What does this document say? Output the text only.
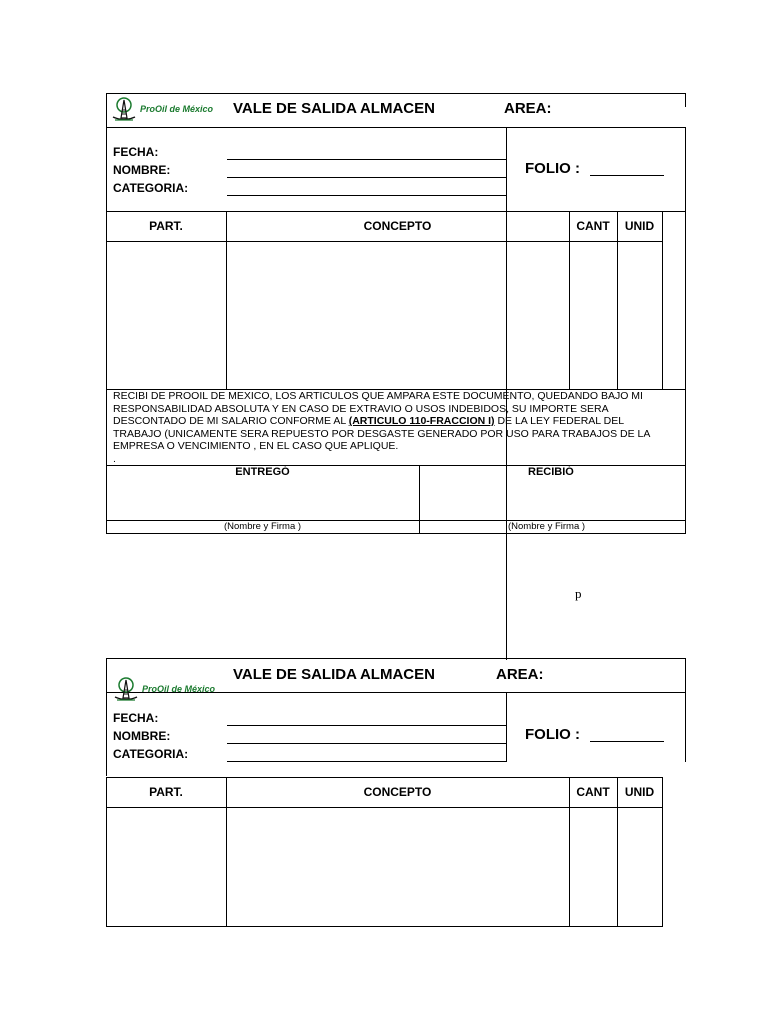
ProOil de México VALE DE SALIDA ALMACEN	AREA:
FECHA:
NOMBRE:
CATEGORIA:
FOLIO :
PART.	CONCEPTO	CANT	UNID
RECIBI DE PROOIL DE MEXICO, LOS ARTICULOS QUE AMPARA ESTE DOCUMENTO, QUEDANDO BAJO MI
RESPONSABILIDAD ABSOLUTA Y EN CASO DE EXTRAVIO O USOS INDEBIDOS, SU IMPORTE SERA
DESCONTADO DE MI SALARIO CONFORME AL (ARTICULO 110-FRACCION I) DE LA LEY FEDERAL DEL
TRABAJO (UNICAMENTE SERA REPUESTO POR DESGASTE GENERADO POR USO PARA TRABAJOS DE LA
EMPRESA O VENCIMIENTO , EN EL CASO QUE APLIQUE.
.
ENTREGÓ	RECIBIÓ
(Nombre y Firma )	(Nombre y Firma )
p
ProOil de México
VALE DE SALIDA ALMACEN	AREA:
FECHA:
NOMBRE:
CATEGORIA:
FOLIO :
PART.	CONCEPTO	CANT	UNID
